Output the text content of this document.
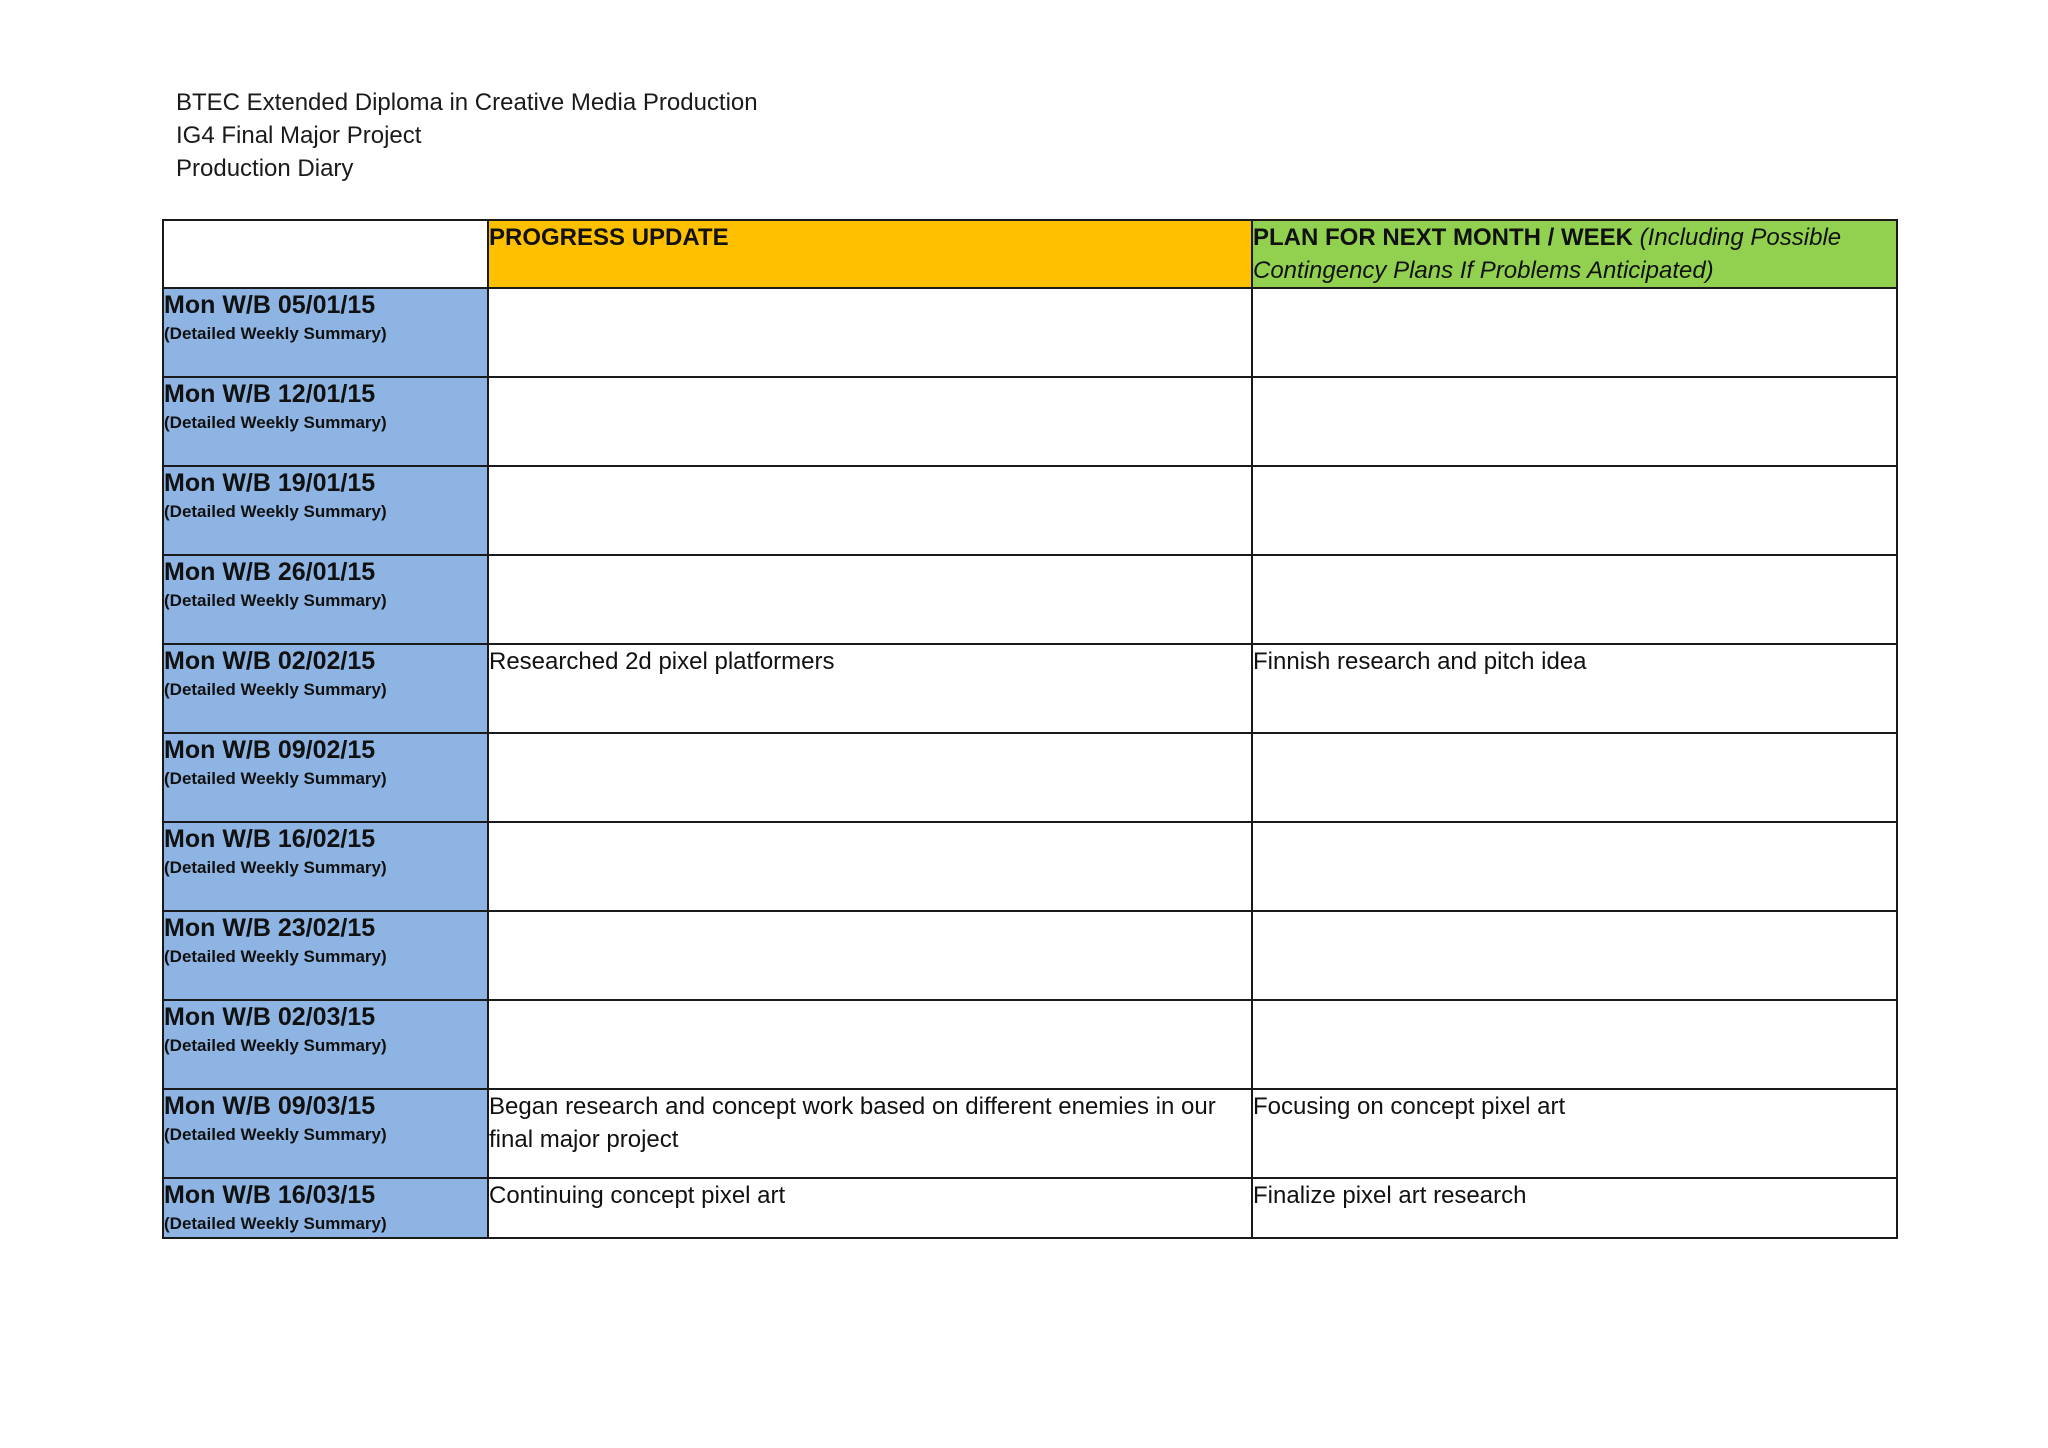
BTEC Extended Diploma in Creative Media Production
IG4 Final Major Project
Production Diary
	PROGRESS UPDATE	PLAN FOR NEXT MONTH / WEEK (Including Possible Contingency Plans If Problems Anticipated)

Mon W/B 05/01/15
(Detailed Weekly Summary)		

Mon W/B 12/01/15
(Detailed Weekly Summary)		

Mon W/B 19/01/15
(Detailed Weekly Summary)		

Mon W/B 26/01/15
(Detailed Weekly Summary)		

Mon W/B 02/02/15
(Detailed Weekly Summary)	Researched 2d pixel platformers	Finnish research and pitch idea

Mon W/B 09/02/15
(Detailed Weekly Summary)		

Mon W/B 16/02/15
(Detailed Weekly Summary)		

Mon W/B 23/02/15
(Detailed Weekly Summary)		

Mon W/B 02/03/15
(Detailed Weekly Summary)		

Mon W/B 09/03/15
(Detailed Weekly Summary)	Began research and concept work based on different enemies in our final major project	Focusing on concept pixel art

Mon W/B 16/03/15
(Detailed Weekly Summary)	Continuing concept pixel art	Finalize pixel art research
